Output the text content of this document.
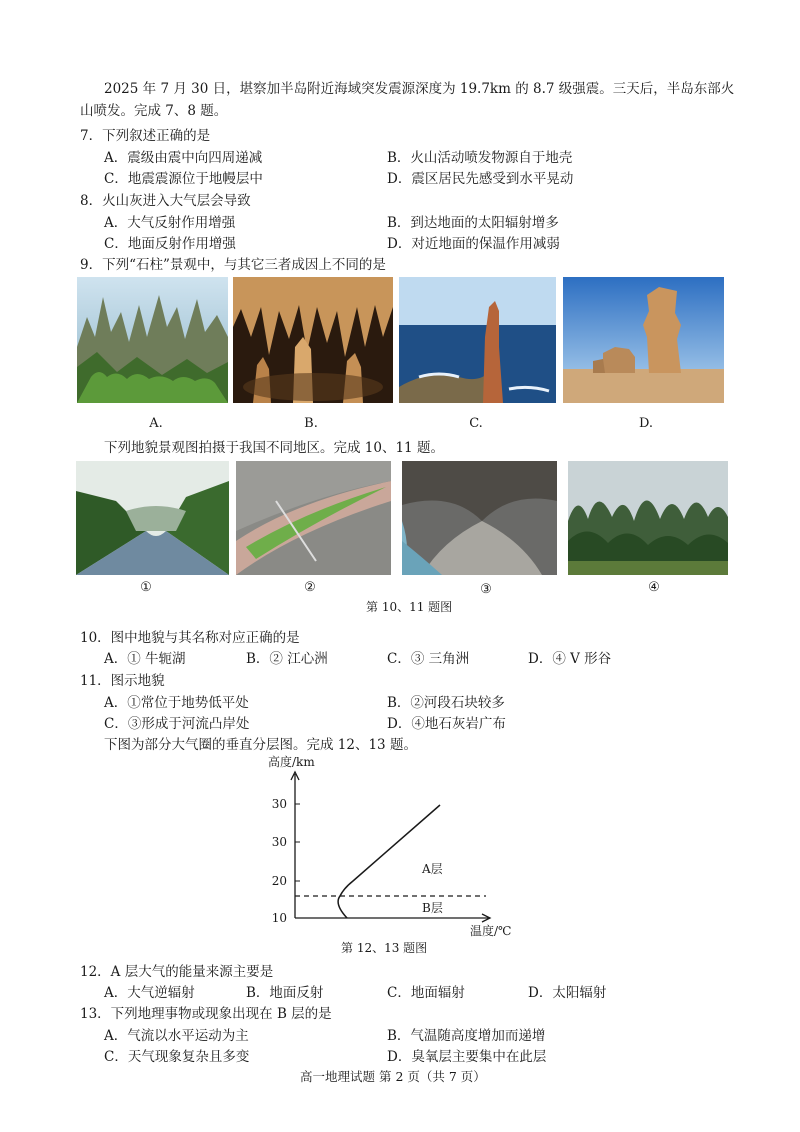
2025 年 7 月 30 日，堪察加半岛附近海域突发震源深度为 19.7km 的 8.7 级强震。三天后，半岛东部火
山喷发。完成 7、8 题。
7．下列叙述正确的是
A．震级由震中向四周递减	B．火山活动喷发物源自于地壳
C．地震震源位于地幔层中	D．震区居民先感受到水平晃动
8．火山灰进入大气层会导致
A．大气反射作用增强	B．到达地面的太阳辐射增多
C．地面反射作用增强	D．对近地面的保温作用减弱
9．下列“石柱”景观中，与其它三者成因上不同的是
A.	B.	C.	D.
下列地貌景观图拍摄于我国不同地区。完成 10、11 题。
①	②	③	④
第 10、11 题图
10．图中地貌与其名称对应正确的是
A．① 牛轭湖	B．② 江心洲	C．③ 三角洲	D．④ V 形谷
11．图示地貌
A．①常位于地势低平处	B．②河段石块较多
C．③形成于河流凸岸处	D．④地石灰岩广布
下图为部分大气圈的垂直分层图。完成 12、13 题。
高度/km
温度/℃
10
20
30
30
A层
B层
第 12、13 题图
12．A 层大气的能量来源主要是
A．大气逆辐射	B．地面反射	C．地面辐射	D．太阳辐射
13．下列地理事物或现象出现在 B 层的是
A．气流以水平运动为主	B．气温随高度增加而递增
C．天气现象复杂且多变	D．臭氧层主要集中在此层
高一地理试题 第 2 页（共 7 页）
